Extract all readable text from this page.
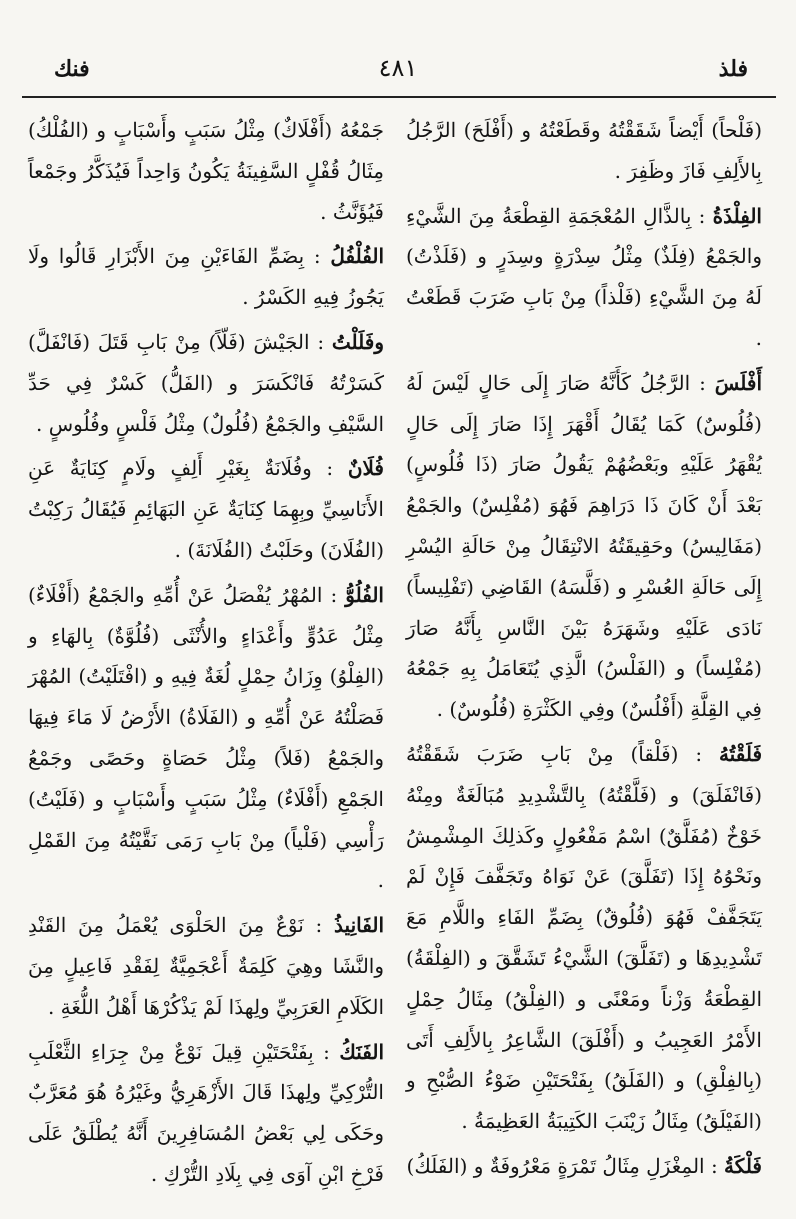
فلذ
٤٨١
فنك

(فَلْحاً) أَيْضاً شَقَقْتُهُ وقَطَعْتُهُ و (أَفْلَحَ) الرَّجُلُ بِالأَلِفِ فَازَ وظَفِرَ .

الفِلْذَةُ : بِالذَّالِ المُعْجَمَةِ القِطْعَةُ مِنَ الشَّيْءِ والجَمْعُ (فِلَذٌ) مِثْلُ سِدْرَةٍ وسِدَرٍ و (فَلَذْتُ) لَهُ مِنَ الشَّيْءِ (فَلْذاً) مِنْ بَابِ ضَرَبَ قَطَعْتُ .

أَفْلَسَ : الرَّجُلُ كَأَنَّهُ صَارَ إِلَى حَالٍ لَيْسَ لَهُ (فُلُوسٌ) كَمَا يُقَالُ أَقْهَرَ إِذَا صَارَ إِلَى حَالٍ يُقْهَرُ عَلَيْهِ وبَعْضُهُمْ يَقُولُ صَارَ (ذَا فُلُوسٍ) بَعْدَ أَنْ كَانَ ذَا دَرَاهِمَ فَهُوَ (مُفْلِسٌ) والجَمْعُ (مَفَالِيسُ) وحَقِيقَتُهُ الانْتِقَالُ مِنْ حَالَةِ اليُسْرِ إِلَى حَالَةِ العُسْرِ و (فَلَّسَهُ) القَاضِي (تَفْلِيساً) نَادَى عَلَيْهِ وشَهَرَهُ بَيْنَ النَّاسِ بِأَنَّهُ صَارَ (مُفْلِساً) و (الفَلْسُ) الَّذِي يُتَعَامَلُ بِهِ جَمْعُهُ فِي القِلَّةِ (أَفْلُسٌ) وفِي الكَثْرَةِ (فُلُوسٌ) .

فَلَقْتُهُ : (فَلْقاً) مِنْ بَابِ ضَرَبَ شَقَقْتُهُ (فَانْفَلَقَ) و (فَلَّقْتُهُ) بِالتَّشْدِيدِ مُبَالَغَةٌ ومِنْهُ خَوْخٌ (مُفَلَّقٌ) اسْمُ مَفْعُولٍ وكَذلِكَ المِشْمِشُ ونَحْوُهُ إِذَا (تَفَلَّقَ) عَنْ نَوَاهُ وتَجَفَّفَ فَإِنْ لَمْ يَتَجَفَّفْ فَهُوَ (فُلُوقٌ) بِضَمِّ الفَاءِ واللَّامِ مَعَ تَشْدِيدِهَا و (تَفَلَّقَ) الشَّيْءُ تَشَقَّقَ و (الفِلْقَةُ) القِطْعَةُ وَزْناً ومَعْنًى و (الفِلْقُ) مِثَالُ حِمْلٍ الأَمْرُ العَجِيبُ و (أَفْلَقَ) الشَّاعِرُ بِالأَلِفِ أَتَى (بِالفِلْقِ) و (الفَلَقُ) بِفَتْحَتَيْنِ ضَوْءُ الصُّبْحِ و (الفَيْلَقُ) مِثَالُ زَيْنَبَ الكَتِيبَةُ العَظِيمَةُ .

فَلْكَةُ : المِغْزَلِ مِثَالُ تَمْرَةٍ مَعْرُوفَةٌ و (الفَلَكُ)

جَمْعُهُ (أَفْلَاكٌ) مِثْلُ سَبَبٍ وأَسْبَابٍ و (الفُلْكُ) مِثَالُ قُفْلٍ السَّفِينَةُ يَكُونُ وَاحِداً فَيُذَكَّرُ وجَمْعاً فَيُؤَنَّثُ .

الفُلْفُلُ : بِضَمِّ الفَاءَيْنِ مِنَ الأَبْزَارِ قَالُوا ولَا يَجُوزُ فِيهِ الكَسْرُ .

وفَلَلْتُ : الجَيْشَ (فَلّاً) مِنْ بَابِ قَتَلَ (فَانْفَلَّ) كَسَرْتُهُ فَانْكَسَرَ و (الفَلُّ) كَسْرٌ فِي حَدِّ السَّيْفِ والجَمْعُ (فُلُولٌ) مِثْلُ فَلْسٍ وفُلُوسٍ .

فُلَانٌ : وفُلَانَةٌ بِغَيْرِ أَلِفٍ ولَامٍ كِنَايَةٌ عَنِ الأَنَاسِيِّ وبِهِمَا كِنَايَةٌ عَنِ البَهَائِمِ فَيُقَالُ رَكِبْتُ (الفُلَانَ) وحَلَبْتُ (الفُلَانَةَ) .

الفُلُوُّ : المُهْرُ يُفْصَلُ عَنْ أُمِّهِ والجَمْعُ (أَفْلَاءٌ) مِثْلُ عَدُوٍّ وأَعْدَاءٍ والأُنْثَى (فُلُوَّةٌ) بِالهَاءِ و (الفِلْوُ) وِزَانُ حِمْلٍ لُغَةٌ فِيهِ و (افْتَلَيْتُ) المُهْرَ فَصَلْتُهُ عَنْ أُمِّهِ و (الفَلَاةُ) الأَرْضُ لَا مَاءَ فِيهَا والجَمْعُ (فَلاً) مِثْلُ حَصَاةٍ وحَصًى وجَمْعُ الجَمْعِ (أَفْلَاءٌ) مِثْلُ سَبَبٍ وأَسْبَابٍ و (فَلَيْتُ) رَأْسِي (فَلْياً) مِنْ بَابِ رَمَى نَقَّيْتُهُ مِنَ القَمْلِ .

الفَانِيذُ : نَوْعٌ مِنَ الحَلْوَى يُعْمَلُ مِنَ القَنْدِ والنَّشَا وهِيَ كَلِمَةٌ أَعْجَمِيَّةٌ لِفَقْدِ فَاعِيلٍ مِنَ الكَلَامِ العَرَبِيِّ ولِهذَا لَمْ يَذْكُرْهَا أَهْلُ اللُّغَةِ .

الفَنَكُ : بِفَتْحَتَيْنِ قِيلَ نَوْعٌ مِنْ جِرَاءِ الثَّعْلَبِ التُّرْكِيِّ ولِهذَا قَالَ الأَزْهَرِيُّ وغَيْرُهُ هُوَ مُعَرَّبٌ وحَكَى لِي بَعْضُ المُسَافِرِينَ أَنَّهُ يُطْلَقُ عَلَى فَرْخِ ابْنِ آوَى فِي بِلَادِ التُّرْكِ .
